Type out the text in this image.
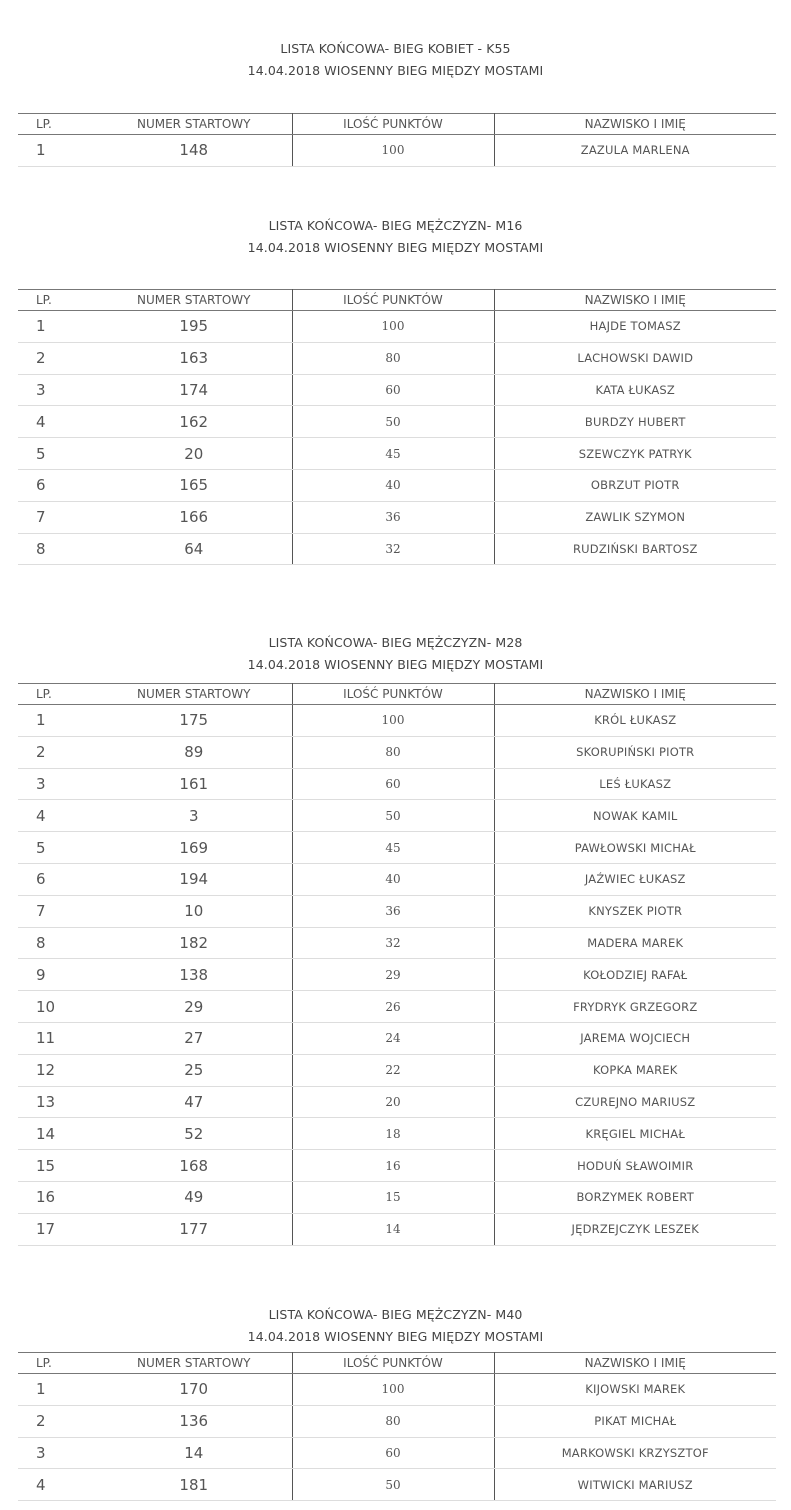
LISTA KOŃCOWA- BIEG KOBIET - K55
14.04.2018 WIOSENNY BIEG MIĘDZY MOSTAMI
LP.	NUMER STARTOWY	ILOŚĆ PUNKTÓW	NAZWISKO I IMIĘ
1	148	100	ZAZULA MARLENA
LISTA KOŃCOWA- BIEG MĘŻCZYZN- M16
14.04.2018 WIOSENNY BIEG MIĘDZY MOSTAMI
LP.	NUMER STARTOWY	ILOŚĆ PUNKTÓW	NAZWISKO I IMIĘ
1	195	100	HAJDE TOMASZ
2	163	80	LACHOWSKI DAWID
3	174	60	KATA ŁUKASZ
4	162	50	BURDZY HUBERT
5	20	45	SZEWCZYK PATRYK
6	165	40	OBRZUT PIOTR
7	166	36	ZAWLIK SZYMON
8	64	32	RUDZIŃSKI BARTOSZ
LISTA KOŃCOWA- BIEG MĘŻCZYZN- M28
14.04.2018 WIOSENNY BIEG MIĘDZY MOSTAMI
LP.	NUMER STARTOWY	ILOŚĆ PUNKTÓW	NAZWISKO I IMIĘ
1	175	100	KRÓL ŁUKASZ
2	89	80	SKORUPIŃSKI PIOTR
3	161	60	LEŚ ŁUKASZ
4	3	50	NOWAK KAMIL
5	169	45	PAWŁOWSKI MICHAŁ
6	194	40	JAŹWIEC ŁUKASZ
7	10	36	KNYSZEK PIOTR
8	182	32	MADERA MAREK
9	138	29	KOŁODZIEJ RAFAŁ
10	29	26	FRYDRYK GRZEGORZ
11	27	24	JAREMA WOJCIECH
12	25	22	KOPKA MAREK
13	47	20	CZUREJNO MARIUSZ
14	52	18	KRĘGIEL MICHAŁ
15	168	16	HODUŃ SŁAWOIMIR
16	49	15	BORZYMEK ROBERT
17	177	14	JĘDRZEJCZYK LESZEK
LISTA KOŃCOWA- BIEG MĘŻCZYZN- M40
14.04.2018 WIOSENNY BIEG MIĘDZY MOSTAMI
LP.	NUMER STARTOWY	ILOŚĆ PUNKTÓW	NAZWISKO I IMIĘ
1	170	100	KIJOWSKI MAREK
2	136	80	PIKAT MICHAŁ
3	14	60	MARKOWSKI KRZYSZTOF
4	181	50	WITWICKI MARIUSZ
